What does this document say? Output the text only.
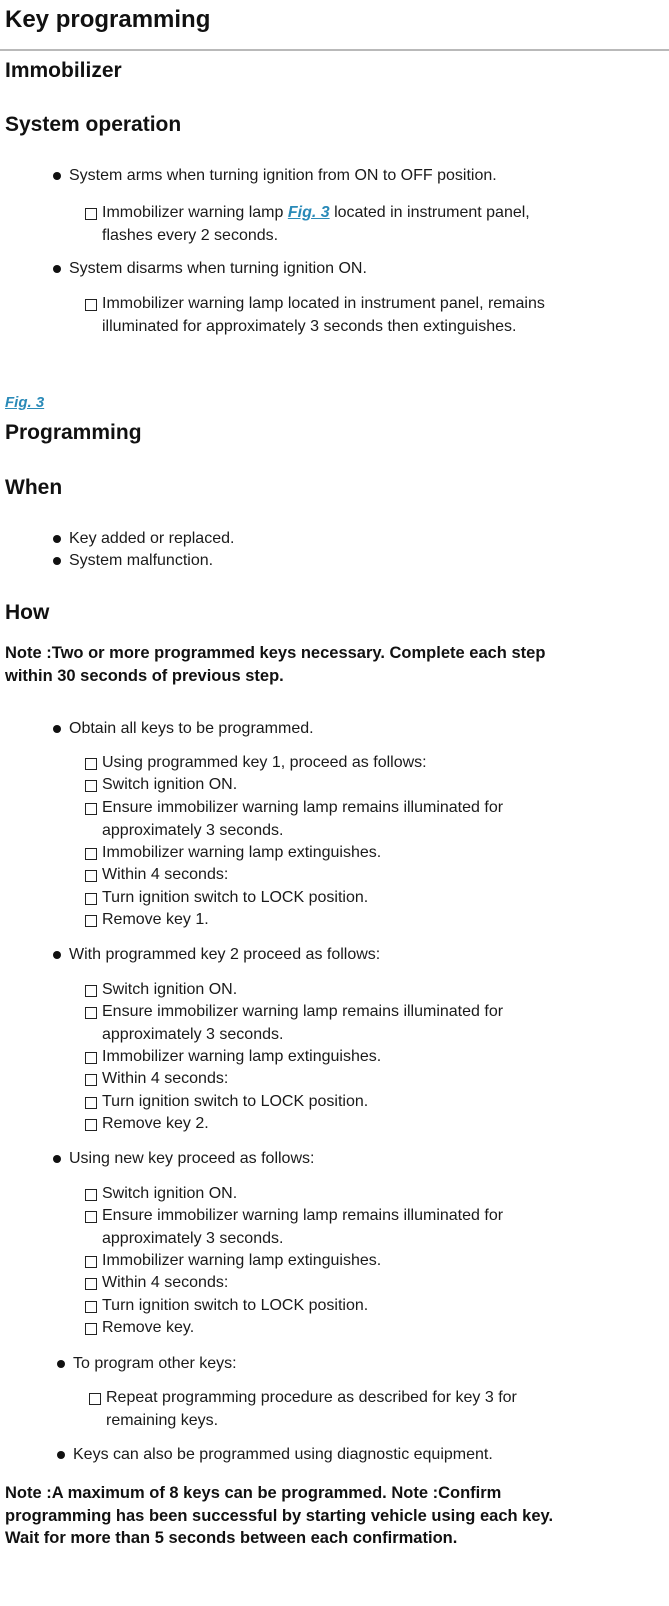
Key programming
Immobilizer
System operation

System arms when turning ignition from ON to OFF position.

Immobilizer warning lamp Fig. 3 located in instrument panel,
flashes every 2 seconds.

System disarms when turning ignition ON.

Immobilizer warning lamp located in instrument panel, remains
illuminated for approximately 3 seconds then extinguishes.

Fig. 3
Programming
When

Key added or replaced.

System malfunction.

How

Note :Two or more programmed keys necessary. Complete each step
within 30 seconds of previous step.

Obtain all keys to be programmed.

Using programmed key 1, proceed as follows:

Switch ignition ON.

Ensure immobilizer warning lamp remains illuminated for
approximately 3 seconds.

Immobilizer warning lamp extinguishes.

Within 4 seconds:

Turn ignition switch to LOCK position.

Remove key 1.

With programmed key 2 proceed as follows:

Switch ignition ON.

Ensure immobilizer warning lamp remains illuminated for
approximately 3 seconds.

Immobilizer warning lamp extinguishes.

Within 4 seconds:

Turn ignition switch to LOCK position.

Remove key 2.

Using new key proceed as follows:

Switch ignition ON.

Ensure immobilizer warning lamp remains illuminated for
approximately 3 seconds.

Immobilizer warning lamp extinguishes.

Within 4 seconds:

Turn ignition switch to LOCK position.

Remove key.

To program other keys:

Repeat programming procedure as described for key 3 for
remaining keys.

Keys can also be programmed using diagnostic equipment.

Note :A maximum of 8 keys can be programmed. Note :Confirm
programming has been successful by starting vehicle using each key.
Wait for more than 5 seconds between each confirmation.
